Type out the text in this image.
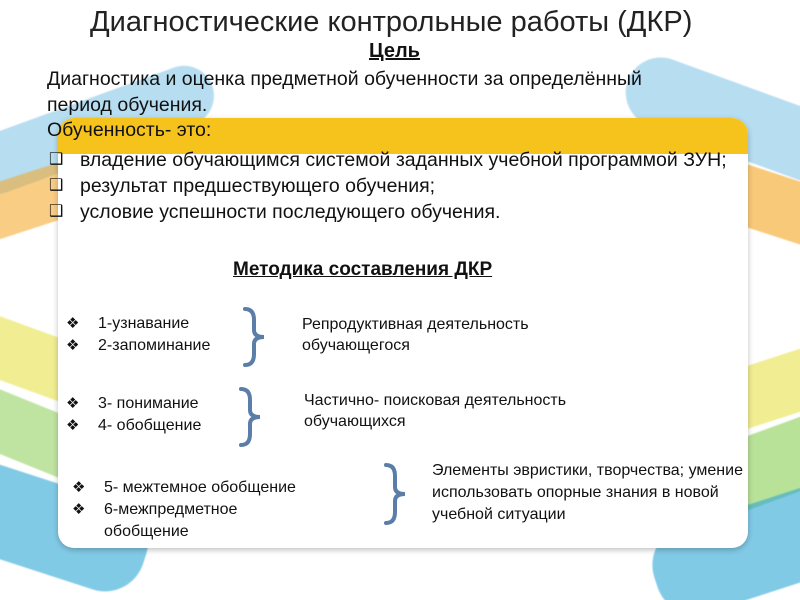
Диагностические контрольные работы (ДКР)
Цель
Диагностика и оценка предметной обученности за определённый период обучения.
Обученность- это:
❑ владение обучающимся системой заданных учебной программой ЗУН;
❑ результат предшествующего обучения;
❑ условие успешности последующего обучения.
Методика составления ДКР
❖ 1-узнавание
❖ 2-запоминание
Репродуктивная деятельность обучающегося
❖ 3- понимание
❖ 4- обобщение
Частично- поисковая деятельность обучающихся
❖ 5- межтемное обобщение
❖ 6-межпредметное обобщение
Элементы эвристики, творчества; умение использовать опорные знания в новой учебной ситуации
